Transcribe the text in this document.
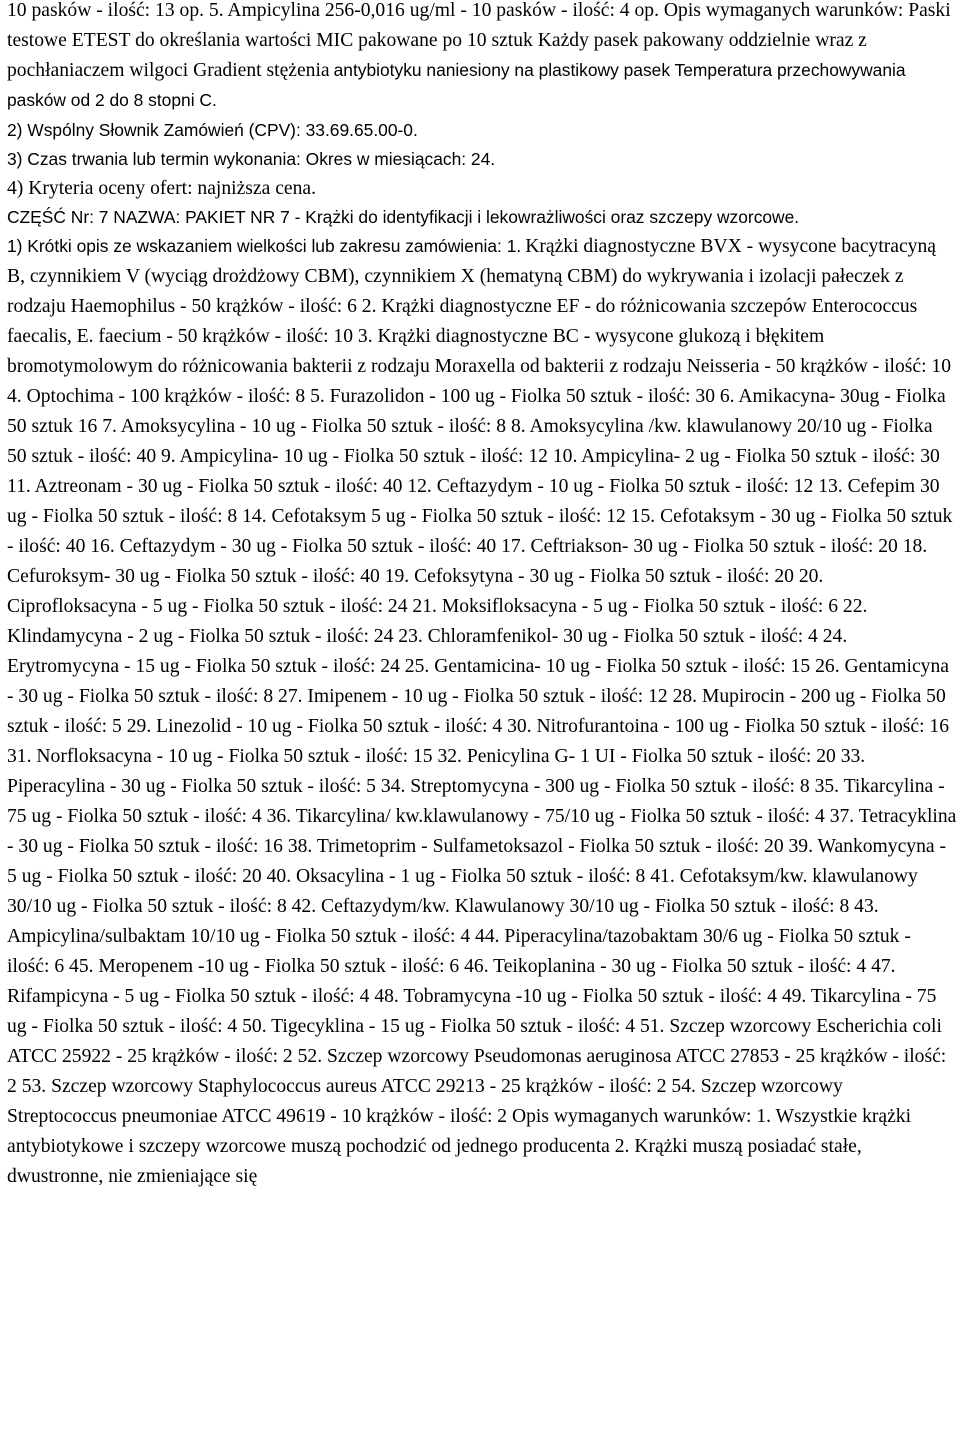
10 pasków - ilość: 13 op. 5. Ampicylina 256-0,016 ug/ml - 10 pasków - ilość: 4 op. Opis wymaganych warunków: Paski testowe ETEST do określania wartości MIC pakowane po 10 sztuk Każdy pasek pakowany oddzielnie wraz z pochłaniaczem wilgoci Gradient stężenia antybiotyku naniesiony na plastikowy pasek Temperatura przechowywania pasków od 2 do 8 stopni C.

2) Wspólny Słownik Zamówień (CPV): 33.69.65.00-0.

3) Czas trwania lub termin wykonania: Okres w miesiącach: 24.

4) Kryteria oceny ofert: najniższa cena.

CZĘŚĆ Nr: 7 NAZWA: PAKIET NR 7 - Krążki do identyfikacji i lekowrażliwości oraz szczepy wzorcowe.

1) Krótki opis ze wskazaniem wielkości lub zakresu zamówienia: 1. Krążki diagnostyczne BVX - wysycone bacytracyną B, czynnikiem V (wyciąg drożdżowy CBM), czynnikiem X (hematyną CBM) do wykrywania i izolacji pałeczek z rodzaju Haemophilus - 50 krążków - ilość: 6 2. Krążki diagnostyczne EF - do różnicowania szczepów Enterococcus faecalis, E. faecium - 50 krążków - ilość: 10 3. Krążki diagnostyczne BC - wysycone glukozą i błękitem bromotymolowym do różnicowania bakterii z rodzaju Moraxella od bakterii z rodzaju Neisseria - 50 krążków - ilość: 10 4. Optochima - 100 krążków - ilość: 8 5. Furazolidon - 100 ug - Fiolka 50 sztuk - ilość: 30 6. Amikacyna- 30ug - Fiolka 50 sztuk 16 7. Amoksycylina - 10 ug - Fiolka 50 sztuk - ilość: 8 8. Amoksycylina /kw. klawulanowy 20/10 ug - Fiolka 50 sztuk - ilość: 40 9. Ampicylina- 10 ug - Fiolka 50 sztuk - ilość: 12 10. Ampicylina- 2 ug - Fiolka 50 sztuk - ilość: 30 11. Aztreonam - 30 ug - Fiolka 50 sztuk - ilość: 40 12. Ceftazydym - 10 ug - Fiolka 50 sztuk - ilość: 12 13. Cefepim 30 ug - Fiolka 50 sztuk - ilość: 8 14. Cefotaksym 5 ug - Fiolka 50 sztuk - ilość: 12 15. Cefotaksym - 30 ug - Fiolka 50 sztuk - ilość: 40 16. Ceftazydym - 30 ug - Fiolka 50 sztuk - ilość: 40 17. Ceftriakson- 30 ug - Fiolka 50 sztuk - ilość: 20 18. Cefuroksym- 30 ug - Fiolka 50 sztuk - ilość: 40 19. Cefoksytyna - 30 ug - Fiolka 50 sztuk - ilość: 20 20. Ciprofloksacyna - 5 ug - Fiolka 50 sztuk - ilość: 24 21. Moksifloksacyna - 5 ug - Fiolka 50 sztuk - ilość: 6 22. Klindamycyna - 2 ug - Fiolka 50 sztuk - ilość: 24 23. Chloramfenikol- 30 ug - Fiolka 50 sztuk - ilość: 4 24. Erytromycyna - 15 ug - Fiolka 50 sztuk - ilość: 24 25. Gentamicina- 10 ug - Fiolka 50 sztuk - ilość: 15 26. Gentamicyna - 30 ug - Fiolka 50 sztuk - ilość: 8 27. Imipenem - 10 ug - Fiolka 50 sztuk - ilość: 12 28. Mupirocin - 200 ug - Fiolka 50 sztuk - ilość: 5 29. Linezolid - 10 ug - Fiolka 50 sztuk - ilość: 4 30. Nitrofurantoina - 100 ug - Fiolka 50 sztuk - ilość: 16 31. Norfloksacyna - 10 ug - Fiolka 50 sztuk - ilość: 15 32. Penicylina G- 1 UI - Fiolka 50 sztuk - ilość: 20 33. Piperacylina - 30 ug - Fiolka 50 sztuk - ilość: 5 34. Streptomycyna - 300 ug - Fiolka 50 sztuk - ilość: 8 35. Tikarcylina - 75 ug - Fiolka 50 sztuk - ilość: 4 36. Tikarcylina/ kw.klawulanowy - 75/10 ug - Fiolka 50 sztuk - ilość: 4 37. Tetracyklina - 30 ug - Fiolka 50 sztuk - ilość: 16 38. Trimetoprim - Sulfametoksazol - Fiolka 50 sztuk - ilość: 20 39. Wankomycyna - 5 ug - Fiolka 50 sztuk - ilość: 20 40. Oksacylina - 1 ug - Fiolka 50 sztuk - ilość: 8 41. Cefotaksym/kw. klawulanowy 30/10 ug - Fiolka 50 sztuk - ilość: 8 42. Ceftazydym/kw. Klawulanowy 30/10 ug - Fiolka 50 sztuk - ilość: 8 43. Ampicylina/sulbaktam 10/10 ug - Fiolka 50 sztuk - ilość: 4 44. Piperacylina/tazobaktam 30/6 ug - Fiolka 50 sztuk - ilość: 6 45. Meropenem -10 ug - Fiolka 50 sztuk - ilość: 6 46. Teikoplanina - 30 ug - Fiolka 50 sztuk - ilość: 4 47. Rifampicyna - 5 ug - Fiolka 50 sztuk - ilość: 4 48. Tobramycyna -10 ug - Fiolka 50 sztuk - ilość: 4 49. Tikarcylina - 75 ug - Fiolka 50 sztuk - ilość: 4 50. Tigecyklina - 15 ug - Fiolka 50 sztuk - ilość: 4 51. Szczep wzorcowy Escherichia coli ATCC 25922 - 25 krążków - ilość: 2 52. Szczep wzorcowy Pseudomonas aeruginosa ATCC 27853 - 25 krążków - ilość: 2 53. Szczep wzorcowy Staphylococcus aureus ATCC 29213 - 25 krążków - ilość: 2 54. Szczep wzorcowy Streptococcus pneumoniae ATCC 49619 - 10 krążków - ilość: 2 Opis wymaganych warunków: 1. Wszystkie krążki antybiotykowe i szczepy wzorcowe muszą pochodzić od jednego producenta 2. Krążki muszą posiadać stałe, dwustronne, nie zmieniające się
